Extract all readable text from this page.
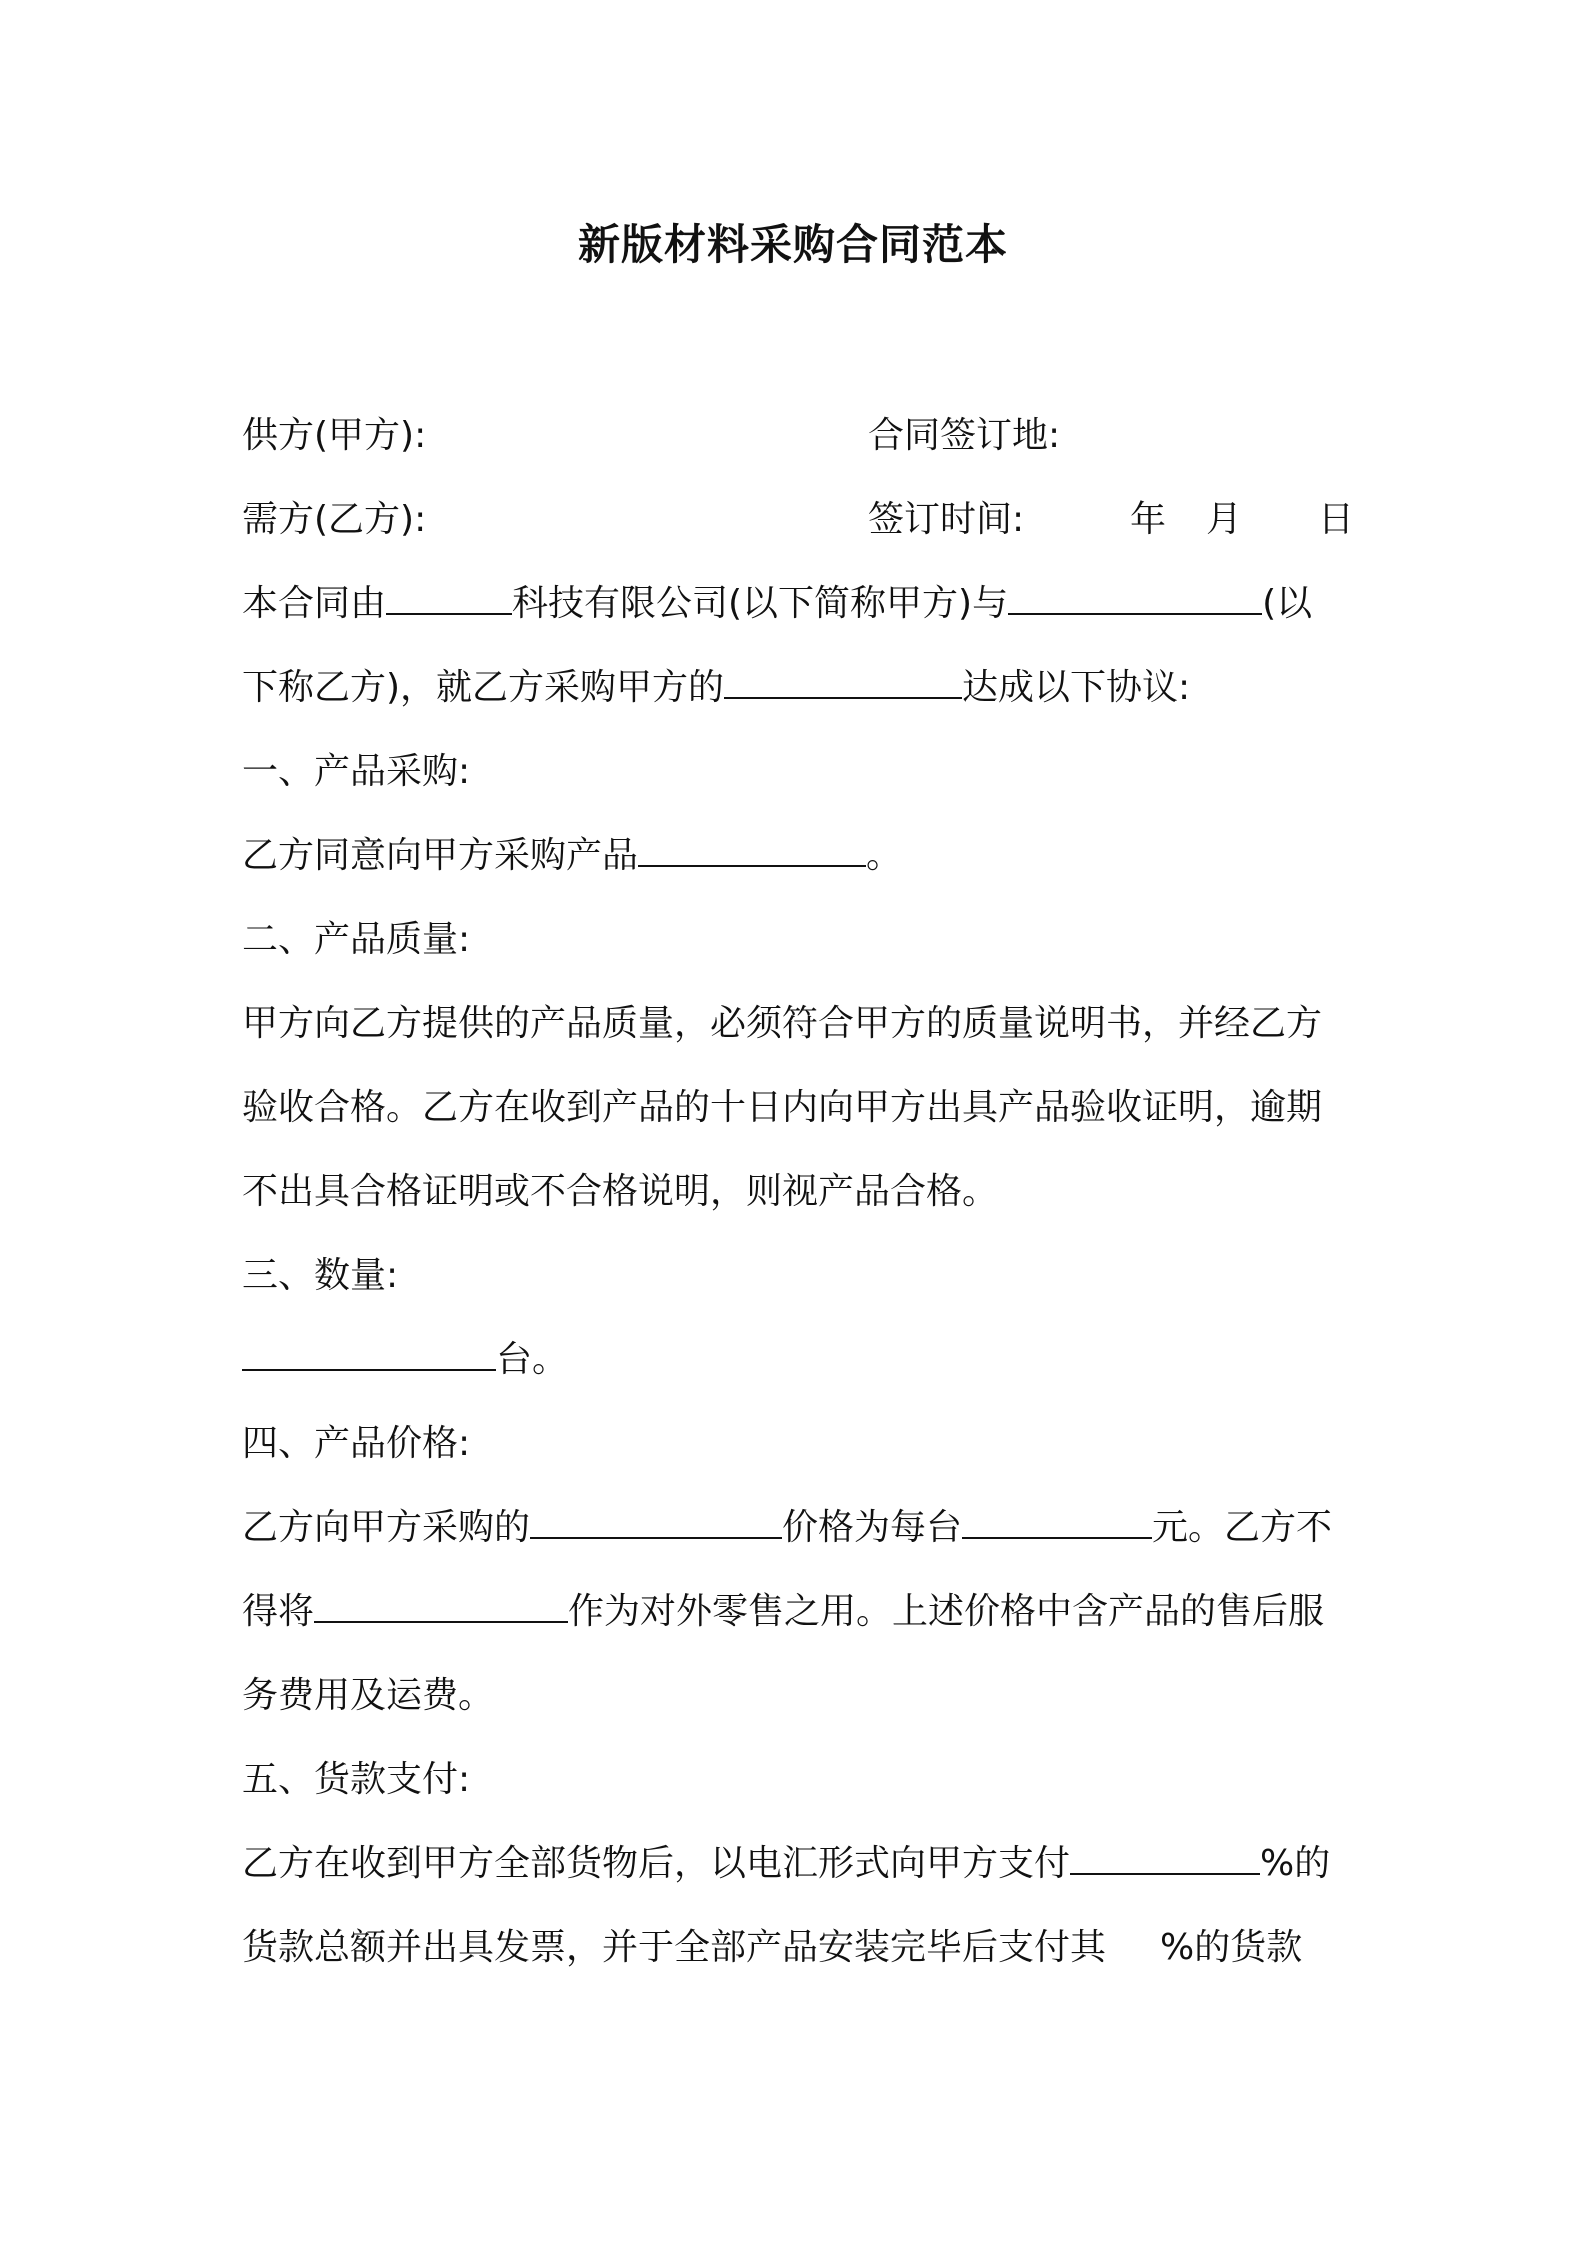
新版材料采购合同范本
供方(甲方):	合同签订地:
需方(乙方):	签订时间:	年 月 日
本合同由	科技有限公司(以下简称甲方)与	(以
下称乙方)，就乙方采购甲方的	达成以下协议:
一、产品采购:
乙方同意向甲方采购产品	。
二、产品质量:
甲方向乙方提供的产品质量，必须符合甲方的质量说明书，并经乙方
验收合格。乙方在收到产品的十日内向甲方出具产品验收证明，逾期
不出具合格证明或不合格说明，则视产品合格。
三、数量:
台。
四、产品价格:
乙方向甲方采购的	价格为每台	元。乙方不
得将	作为对外零售之用。上述价格中含产品的售后服
务费用及运费。
五、货款支付:
乙方在收到甲方全部货物后，以电汇形式向甲方支付	%的
货款总额并出具发票，并于全部产品安装完毕后支付其 %的货款
